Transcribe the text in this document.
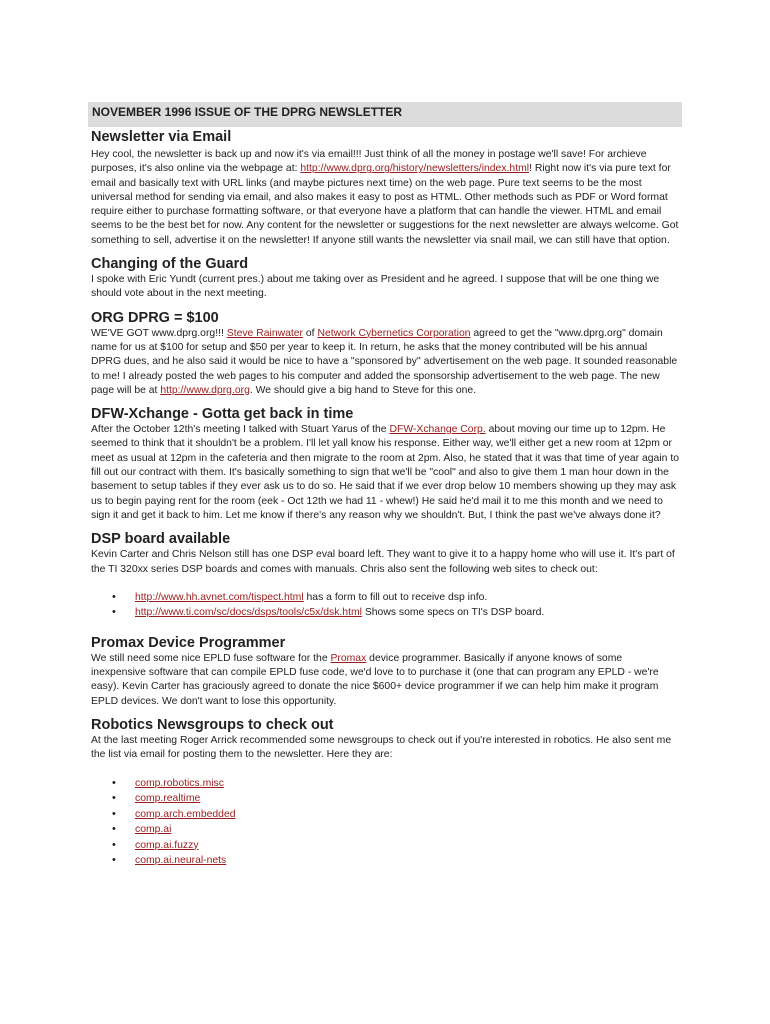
NOVEMBER 1996 ISSUE OF THE DPRG NEWSLETTER
Newsletter via Email

Hey cool, the newsletter is back up and now it's via email!!! Just think of all the money in postage we'll save! For archieve purposes, it's also online via the webpage at: http://www.dprg.org/history/newsletters/index.html! Right now it's via pure text for email and basically text with URL links (and maybe pictures next time) on the web page. Pure text seems to be the most universal method for sending via email, and also makes it easy to post as HTML. Other methods such as PDF or Word format require either to purchase formatting software, or that everyone have a platform that can handle the viewer. HTML and email seems to be the best bet for now. Any content for the newsletter or suggestions for the next newsletter are always welcome. Got something to sell, advertise it on the newsletter! If anyone still wants the newsletter via snail mail, we can still have that option.

Changing of the Guard

I spoke with Eric Yundt (current pres.) about me taking over as President and he agreed. I suppose that will be one thing we should vote about in the next meeting.

ORG DPRG = $100

WE'VE GOT www.dprg.org!!! Steve Rainwater of Network Cybernetics Corporation agreed to get the "www.dprg.org" domain name for us at $100 for setup and $50 per year to keep it. In return, he asks that the money contributed will be his annual DPRG dues, and he also said it would be nice to have a "sponsored by" advertisement on the web page. It sounded reasonable to me! I already posted the web pages to his computer and added the sponsorship advertisement to the web page. The new page will be at http://www.dprg.org. We should give a big hand to Steve for this one.

DFW-Xchange - Gotta get back in time

After the October 12th's meeting I talked with Stuart Yarus of the DFW-Xchange Corp. about moving our time up to 12pm. He seemed to think that it shouldn't be a problem. I'll let yall know his response. Either way, we'll either get a new room at 12pm or meet as usual at 12pm in the cafeteria and then migrate to the room at 2pm. Also, he stated that it was that time of year again to fill out our contract with them. It's basically something to sign that we'll be "cool" and also to give them 1 man hour down in the basement to setup tables if they ever ask us to do so. He said that if we ever drop below 10 members showing up they may ask us to begin paying rent for the room (eek - Oct 12th we had 11 - whew!) He said he'd mail it to me this month and we need to sign it and get it back to him. Let me know if there's any reason why we shouldn't. But, I think the past we've always done it?

DSP board available

Kevin Carter and Chris Nelson still has one DSP eval board left. They want to give it to a happy home who will use it. It's part of the TI 320xx series DSP boards and comes with manuals. Chris also sent the following web sites to check out:

• http://www.hh.avnet.com/tispect.html has a form to fill out to receive dsp info.
• http://www.ti.com/sc/docs/dsps/tools/c5x/dsk.html Shows some specs on TI's DSP board.
Promax Device Programmer

We still need some nice EPLD fuse software for the Promax device programmer. Basically if anyone knows of some inexpensive software that can compile EPLD fuse code, we'd love to to purchase it (one that can program any EPLD - we're easy). Kevin Carter has graciously agreed to donate the nice $600+ device programmer if we can help him make it program EPLD devices. We don't want to lose this opportunity.

Robotics Newsgroups to check out

At the last meeting Roger Arrick recommended some newsgroups to check out if you're interested in robotics. He also sent me the list via email for posting them to the newsletter. Here they are:

• comp.robotics.misc
• comp.realtime
• comp.arch.embedded
• comp.ai
• comp.ai.fuzzy
• comp.ai.neural-nets
